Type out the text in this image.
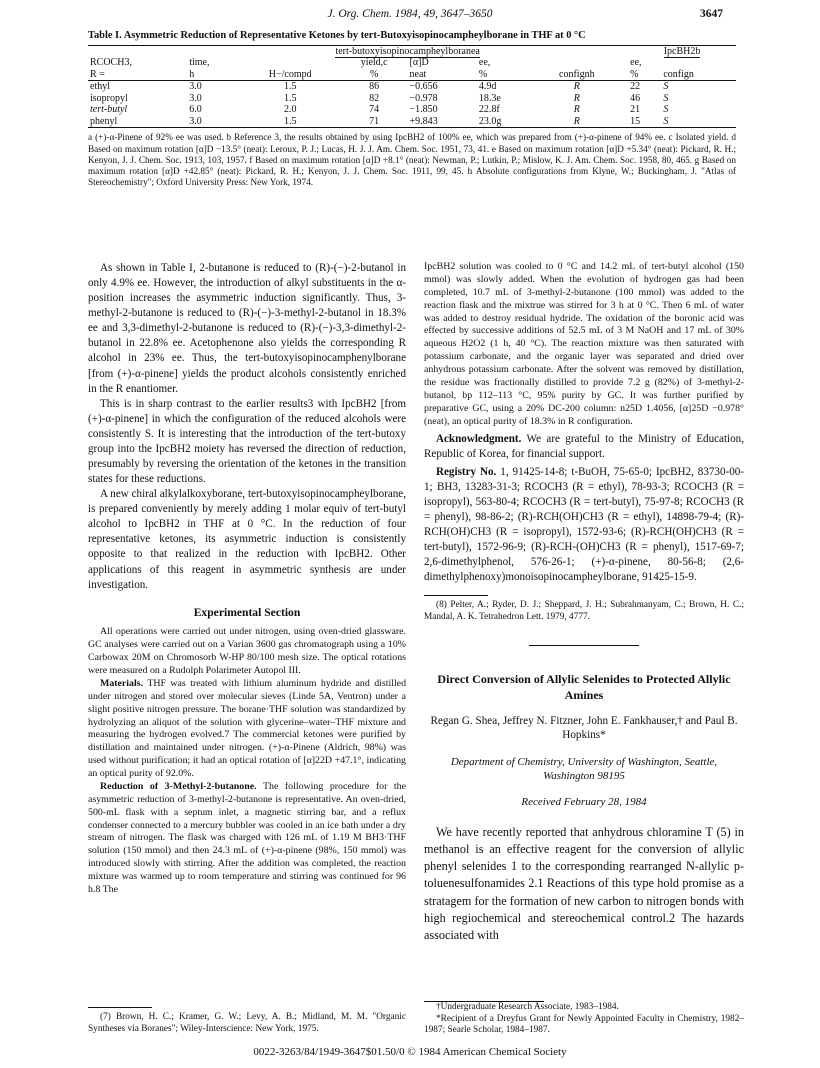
J. Org. Chem. 1984, 49, 3647–3650	3647
Table I. Asymmetric Reduction of Representative Ketones by tert-Butoxyisopinocampheylborane in THF at 0 °C
	tert-butoxyisopinocampheylboranea							IpcBH2b	
RCOCH3,	time,		yield,c	[α]D	ee,			ee,	
R =	h	H−/compd	%	neat	%	confignh		%	confign
ethyl	3.0	1.5	86	−0.656	4.9d	R		22	S
isopropyl	3.0	1.5	82	−0.978	18.3e	R		46	S
tert-butyl	6.0	2.0	74	−1.850	22.8f	R		21	S
phenyl	3.0	1.5	71	+9.843	23.0g	R		15	S
a (+)-α-Pinene of 92% ee was used. b Reference 3, the results obtained by using IpcBH2 of 100% ee, which was prepared from (+)-α-pinene of 94% ee. c Isolated yield. d Based on maximum rotation [α]D −13.5° (neat): Leroux, P. J.; Lucas, H. J. J. Am. Chem. Soc. 1951, 73, 41. e Based on maximum rotation [α]D +5.34° (neat): Pickard, R. H.; Kenyon, J. J. Chem. Soc. 1913, 103, 1957. f Based on maximum rotation [α]D +8.1° (neat): Newman, P.; Lutkin, P.; Mislow, K. J. Am. Chem. Soc. 1958, 80, 465. g Based on maximum rotation [α]D +42.85° (neat): Pickard, R. H.; Kenyon, J. J. Chem. Soc. 1911, 99, 45. h Absolute configurations from Klyne, W.; Buckingham, J. "Atlas of Stereochemistry"; Oxford University Press: New York, 1974.

As shown in Table I, 2-butanone is reduced to (R)-(−)-2-butanol in only 4.9% ee. However, the introduction of alkyl substituents in the α-position increases the asymmetric induction significantly. Thus, 3-methyl-2-butanone is reduced to (R)-(−)-3-methyl-2-butanol in 18.3% ee and 3,3-dimethyl-2-butanone is reduced to (R)-(−)-3,3-dimethyl-2-butanol in 22.8% ee. Acetophenone also yields the corresponding R alcohol in 23% ee. Thus, the tert-butoxyisopinocamphenylborane [from (+)-α-pinene] yields the product alcohols consistently enriched in the R enantiomer.

This is in sharp contrast to the earlier results3 with IpcBH2 [from (+)-α-pinene] in which the configuration of the reduced alcohols were consistently S. It is interesting that the introduction of the tert-butoxy group into the IpcBH2 moiety has reversed the direction of reduction, presumably by reversing the orientation of the ketones in the transition states for these reductions.

A new chiral alkylalkoxyborane, tert-butoxyisopinocampheylborane, is prepared conveniently by merely adding 1 molar equiv of tert-butyl alcohol to IpcBH2 in THF at 0 °C. In the reduction of four representative ketones, its asymmetric induction is consistently opposite to that realized in the reduction with IpcBH2. Other applications of this reagent in asymmetric synthesis are under investigation.

Experimental Section

All operations were carried out under nitrogen, using oven-dried glassware. GC analyses were carried out on a Varian 3600 gas chromatograph using a 10% Carbowax 20M on Chromosorb W-HP 80/100 mesh size. The optical rotations were measured on a Rudolph Polarimeter Autopol III.

Materials. THF was treated with lithium aluminum hydride and distilled under nitrogen and stored over molecular sieves (Linde 5A, Ventron) under a slight positive nitrogen pressure. The borane·THF solution was standardized by hydrolyzing an aliquot of the solution with glycerine–water–THF mixture and measuring the hydrogen evolved.7 The commercial ketones were purified by distillation and maintained under nitrogen. (+)-α-Pinene (Aldrich, 98%) was used without purification; it had an optical rotation of [α]22D +47.1°, indicating an optical purity of 92.0%.

Reduction of 3-Methyl-2-butanone. The following procedure for the asymmetric reduction of 3-methyl-2-butanone is representative. An oven-dried, 500-mL flask with a septum inlet, a magnetic stirring bar, and a reflux condenser connected to a mercury bubbler was cooled in an ice bath under a dry stream of nitrogen. The flask was charged with 126 mL of 1.19 M BH3·THF solution (150 mmol) and then 24.3 mL of (+)-α-pinene (98%, 150 mmol) was introduced slowly with stirring. After the addition was completed, the reaction mixture was warmed up to room temperature and stirring was continued for 96 h.8 The

(7) Brown, H. C.; Kramer, G. W.; Levy, A. B.; Midland, M. M. "Organic Syntheses via Boranes"; Wiley-Interscience: New York, 1975.

IpcBH2 solution was cooled to 0 °C and 14.2 mL of tert-butyl alcohol (150 mmol) was slowly added. When the evolution of hydrogen gas had been completed, 10.7 mL of 3-methyl-2-butanone (100 mmol) was added to the reaction flask and the mixtrue was stirred for 3 h at 0 °C. Then 6 mL of water was added to destroy residual hydride. The oxidation of the boronic acid was effected by successive additions of 52.5 mL of 3 M NaOH and 17 mL of 30% aqueous H2O2 (1 h, 40 °C). The reaction mixture was then saturated with potassium carbonate, and the organic layer was separated and dried over anhydrous potassium carbonate. After the solvent was removed by distillation, the residue was fractionally distilled to provide 7.2 g (82%) of 3-methyl-2-butanol, bp 112–113 °C, 95% purity by GC. It was further purified by preparative GC, using a 20% DC-200 column: n25D 1.4056, [α]25D −0.978° (neat), an optical purity of 18.3% in R configuration.

Acknowledgment. We are grateful to the Ministry of Education, Republic of Korea, for financial support.

Registry No. 1, 91425-14-8; t-BuOH, 75-65-0; IpcBH2, 83730-00-1; BH3, 13283-31-3; RCOCH3 (R = ethyl), 78-93-3; RCOCH3 (R = isopropyl), 563-80-4; RCOCH3 (R = tert-butyl), 75-97-8; RCOCH3 (R = phenyl), 98-86-2; (R)-RCH(OH)CH3 (R = ethyl), 14898-79-4; (R)-RCH(OH)CH3 (R = isopropyl), 1572-93-6; (R)-RCH(OH)CH3 (R = tert-butyl), 1572-96-9; (R)-RCH-(OH)CH3 (R = phenyl), 1517-69-7; 2,6-dimethylphenol, 576-26-1; (+)-α-pinene, 80-56-8; (2,6-dimethylphenoxy)monoisopinocampheylborane, 91425-15-9.

(8) Pelter, A.; Ryder, D. J.; Sheppard, J. H.; Subrahmanyam, C.; Brown, H. C.; Mandal, A. K. Tetrahedron Lett. 1979, 4777.

Direct Conversion of Allylic Selenides to Protected Allylic Amines
Regan G. Shea, Jeffrey N. Fitzner, John E. Fankhauser,† and Paul B. Hopkins*
Department of Chemistry, University of Washington, Seattle, Washington 98195
Received February 28, 1984

We have recently reported that anhydrous chloramine T (5) in methanol is an effective reagent for the conversion of allylic phenyl selenides 1 to the corresponding rearranged N-allylic p-toluenesulfonamides 2.1 Reactions of this type hold promise as a stratagem for the formation of new carbon to nitrogen bonds with high regiochemical and stereochemical control.2 The hazards associated with

†Undergraduate Research Associate, 1983–1984.

*Recipient of a Dreyfus Grant for Newly Appointed Faculty in Chemistry, 1982–1987; Searle Scholar, 1984–1987.

0022-3263/84/1949-3647$01.50/0 © 1984 American Chemical Society
